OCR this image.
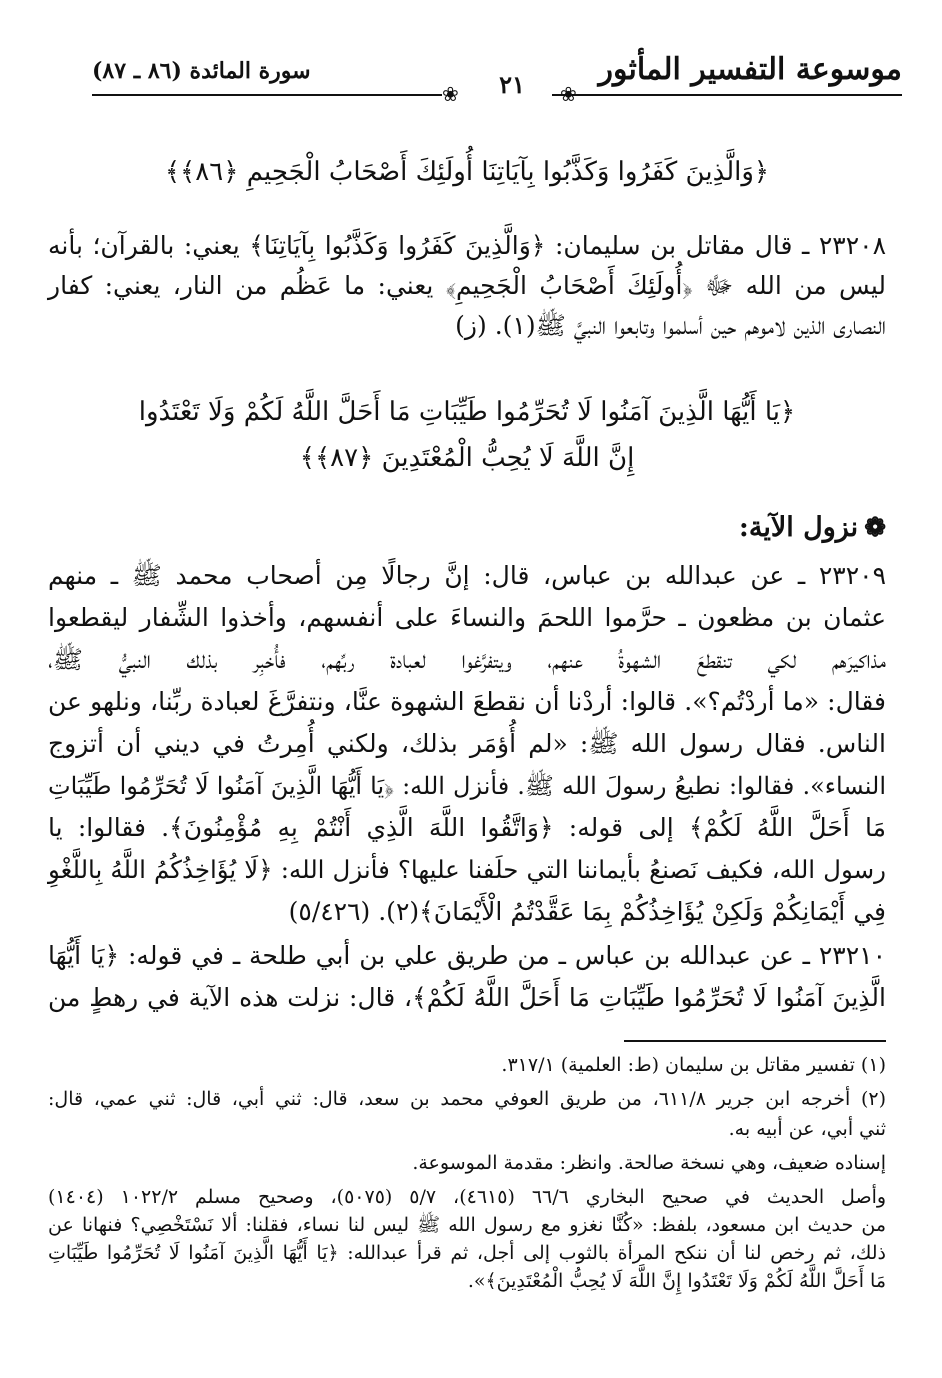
موسوعة التفسير المأثور
سورة المائدة (٨٦ ـ ٨٧)
❀	❀
٢١
﴿وَالَّذِينَ كَفَرُوا وَكَذَّبُوا بِآيَاتِنَا أُولَئِكَ أَصْحَابُ الْجَحِيمِ ﴿٨٦﴾﴾
٢٣٢٠٨ ـ قال مقاتل بن سليمان: ﴿وَالَّذِينَ كَفَرُوا وَكَذَّبُوا بِآيَاتِنَا﴾ يعني: بالقرآن؛ بأنه
ليس من الله ﷻ ﴿أُولَئِكَ أَصْحَابُ الْجَحِيمِ﴾ يعني: ما عَظُم من النار، يعني: كفار
النصارى الذين لاموهم حين أسلموا وتابعوا النبيَّ ﷺ(١). (ز)
﴿يَا أَيُّهَا الَّذِينَ آمَنُوا لَا تُحَرِّمُوا طَيِّبَاتِ مَا أَحَلَّ اللَّهُ لَكُمْ وَلَا تَعْتَدُوا
إِنَّ اللَّهَ لَا يُحِبُّ الْمُعْتَدِينَ ﴿٨٧﴾﴾
❁نزول الآية:
٢٣٢٠٩ ـ عن عبدالله بن عباس، قال: إنَّ رجالًا مِن أصحاب محمد ﷺ ـ منهم
عثمان بن مظعون ـ حرَّموا اللحمَ والنساءَ على أنفسهم، وأخذوا الشِّفار ليقطعوا
مذاكيرَهم لكي تنقطعَ الشهوةُ عنهم، ويتفرَّغوا لعبادة ربِّهم، فأُخبِر بذلك النبيُّ ﷺ،
فقال: «ما أردْتُم؟». قالوا: أردْنا أن نقطعَ الشهوة عنَّا، ونتفرَّغَ لعبادة ربِّنا، ونلهو عن
الناس. فقال رسول الله ﷺ: «لم أُؤمَر بذلك، ولكني أُمِرتُ في ديني أن أتزوج
النساء». فقالوا: نطيعُ رسولَ الله ﷺ. فأنزل الله: ﴿يَا أَيُّهَا الَّذِينَ آمَنُوا لَا تُحَرِّمُوا طَيِّبَاتِ
مَا أَحَلَّ اللَّهُ لَكُمْ﴾ إلى قوله: ﴿وَاتَّقُوا اللَّهَ الَّذِي أَنْتُمْ بِهِ مُؤْمِنُونَ﴾. فقالوا: يا
رسول الله، فكيف نَصنعُ بأيماننا التي حلَفنا عليها؟ فأنزل الله: ﴿لَا يُؤَاخِذُكُمُ اللَّهُ بِاللَّغْوِ
فِي أَيْمَانِكُمْ وَلَكِنْ يُؤَاخِذُكُمْ بِمَا عَقَّدْتُمُ الْأَيْمَانَ﴾(٢). (٥/٤٢٦)
٢٣٢١٠ ـ عن عبدالله بن عباس ـ من طريق علي بن أبي طلحة ـ في قوله: ﴿يَا أَيُّهَا
الَّذِينَ آمَنُوا لَا تُحَرِّمُوا طَيِّبَاتِ مَا أَحَلَّ اللَّهُ لَكُمْ﴾، قال: نزلت هذه الآية في رهطٍ من
(١) تفسير مقاتل بن سليمان (ط: العلمية) ٣١٧/١.
(٢) أخرجه ابن جرير ٦١١/٨، من طريق العوفي محمد بن سعد، قال: ثني أبي، قال: ثني عمي، قال:
ثني أبي، عن أبيه به.
إسناده ضعيف، وهي نسخة صالحة. وانظر: مقدمة الموسوعة.
وأصل الحديث في صحيح البخاري ٦٦/٦ (٤٦١٥)، ٥/٧ (٥٠٧٥)، وصحيح مسلم ١٠٢٢/٢ (١٤٠٤)
من حديث ابن مسعود، بلفظ: «كُنَّا نغزو مع رسول الله ﷺ ليس لنا نساء، فقلنا: ألا نَسْتَخْصِي؟ فنهانا عن
ذلك، ثم رخص لنا أن ننكح المرأة بالثوب إلى أجل، ثم قرأ عبدالله: ﴿يَا أَيُّهَا الَّذِينَ آمَنُوا لَا تُحَرِّمُوا طَيِّبَاتِ
مَا أَحَلَّ اللَّهُ لَكُمْ وَلَا تَعْتَدُوا إِنَّ اللَّهَ لَا يُحِبُّ الْمُعْتَدِينَ﴾».
